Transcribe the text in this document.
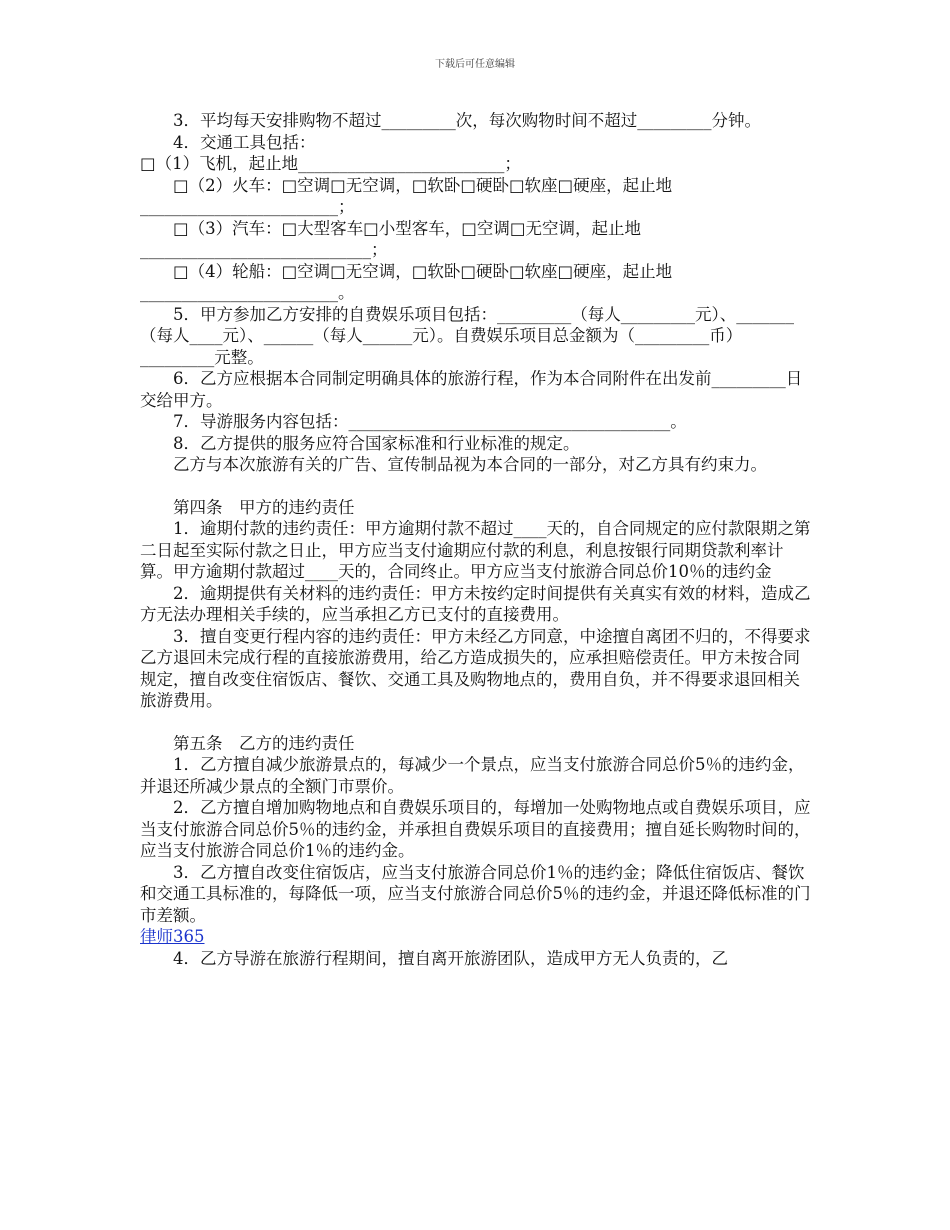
下载后可任意编辑

3．平均每天安排购物不超过_________次，每次购物时间不超过_________分钟。

4．交通工具包括：

□（1）飞机，起止地_________________________；

□（2）火车：□空调□无空调，□软卧□硬卧□软座□硬座，起止地________________________；

□（3）汽车：□大型客车□小型客车，□空调□无空调，起止地____________________________；

□（4）轮船：□空调□无空调，□软卧□硬卧□软座□硬座，起止地________________________。

5．甲方参加乙方安排的自费娱乐项目包括：_________（每人_________元）、_______（每人____元）、______（每人______元）。自费娱乐项目总金额为（_________币）_________元整。

6．乙方应根据本合同制定明确具体的旅游行程，作为本合同附件在出发前_________日交给甲方。

7．导游服务内容包括：_______________________________________。

8．乙方提供的服务应符合国家标准和行业标准的规定。

乙方与本次旅游有关的广告、宣传制品视为本合同的一部分，对乙方具有约束力。

第四条　甲方的违约责任

1．逾期付款的违约责任：甲方逾期付款不超过____天的，自合同规定的应付款限期之第二日起至实际付款之日止，甲方应当支付逾期应付款的利息，利息按银行同期贷款利率计算。甲方逾期付款超过____天的，合同终止。甲方应当支付旅游合同总价10％的违约金

2．逾期提供有关材料的违约责任：甲方未按约定时间提供有关真实有效的材料，造成乙方无法办理相关手续的，应当承担乙方已支付的直接费用。

3．擅自变更行程内容的违约责任：甲方未经乙方同意，中途擅自离团不归的，不得要求乙方退回未完成行程的直接旅游费用，给乙方造成损失的，应承担赔偿责任。甲方未按合同规定，擅自改变住宿饭店、餐饮、交通工具及购物地点的，费用自负，并不得要求退回相关旅游费用。

第五条　乙方的违约责任

1．乙方擅自减少旅游景点的，每减少一个景点，应当支付旅游合同总价5％的违约金，并退还所减少景点的全额门市票价。

2．乙方擅自增加购物地点和自费娱乐项目的，每增加一处购物地点或自费娱乐项目，应当支付旅游合同总价5％的违约金，并承担自费娱乐项目的直接费用；擅自延长购物时间的，应当支付旅游合同总价1％的违约金。

3．乙方擅自改变住宿饭店，应当支付旅游合同总价1％的违约金；降低住宿饭店、餐饮和交通工具标准的，每降低一项，应当支付旅游合同总价5％的违约金，并退还降低标准的门市差额。

律师365

4．乙方导游在旅游行程期间，擅自离开旅游团队，造成甲方无人负责的，乙
